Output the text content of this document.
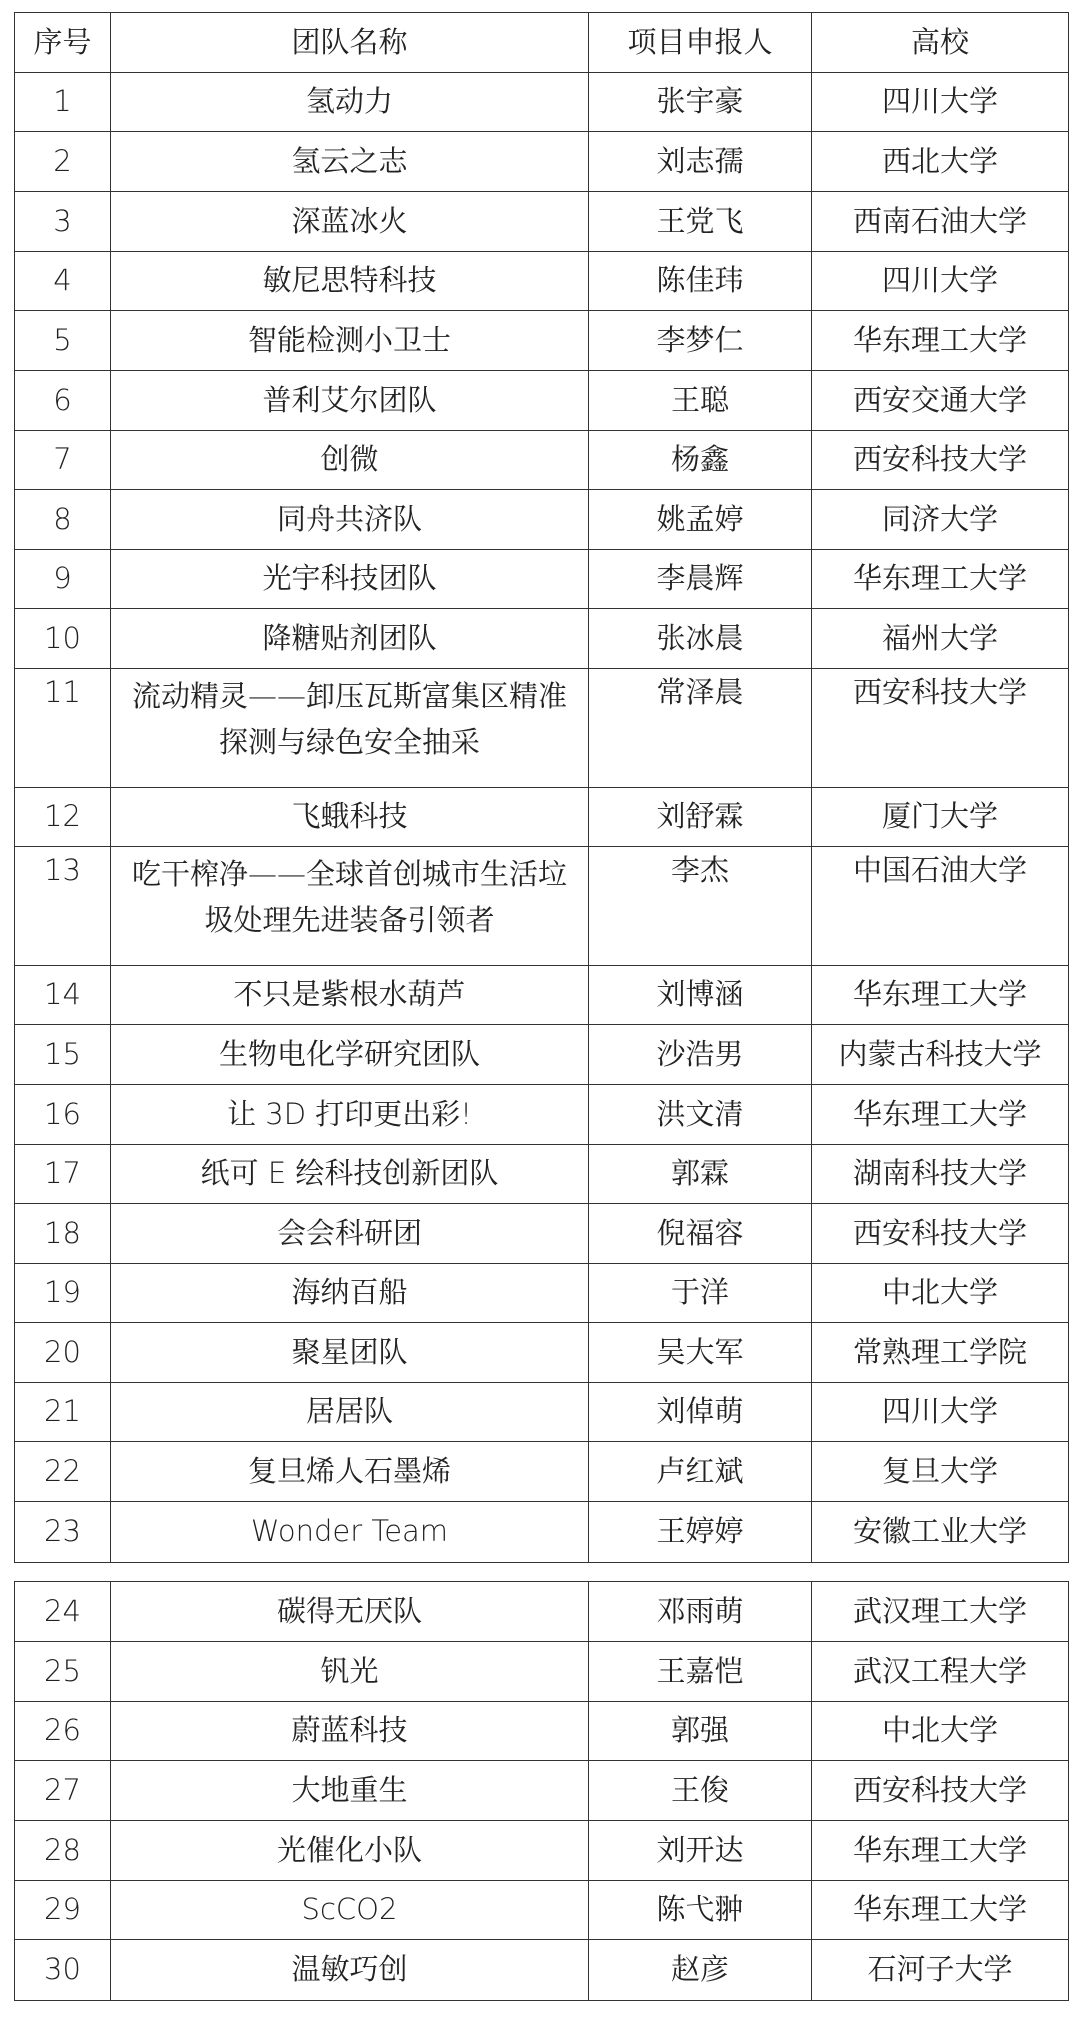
序号	团队名称	项目申报人	高校
1	氢动力	张宇豪	四川大学
2	氢云之志	刘志孺	西北大学
3	深蓝冰火	王党飞	西南石油大学
4	敏尼思特科技	陈佳玮	四川大学
5	智能检测小卫士	李梦仁	华东理工大学
6	普利艾尔团队	王聪	西安交通大学
7	创微	杨鑫	西安科技大学
8	同舟共济队	姚孟婷	同济大学
9	光宇科技团队	李晨辉	华东理工大学
10	降糖贴剂团队	张冰晨	福州大学
11	流动精灵——卸压瓦斯富集区精准探测与绿色安全抽采	常泽晨	西安科技大学
12	飞蛾科技	刘舒霖	厦门大学
13	吃干榨净——全球首创城市生活垃圾处理先进装备引领者	李杰	中国石油大学
14	不只是紫根水葫芦	刘博涵	华东理工大学
15	生物电化学研究团队	沙浩男	内蒙古科技大学
16	让 3D 打印更出彩!	洪文清	华东理工大学
17	纸可 E 绘科技创新团队	郭霖	湖南科技大学
18	会会科研团	倪福容	西安科技大学
19	海纳百船	于洋	中北大学
20	聚星团队	吴大军	常熟理工学院
21	居居队	刘倬萌	四川大学
22	复旦烯人石墨烯	卢红斌	复旦大学
23	Wonder Team	王婷婷	安徽工业大学
24	碳得无厌队	邓雨萌	武汉理工大学
25	钒光	王嘉恺	武汉工程大学
26	蔚蓝科技	郭强	中北大学
27	大地重生	王俊	西安科技大学
28	光催化小队	刘开达	华东理工大学
29	ScCO2	陈弋翀	华东理工大学
30	温敏巧创	赵彦	石河子大学
